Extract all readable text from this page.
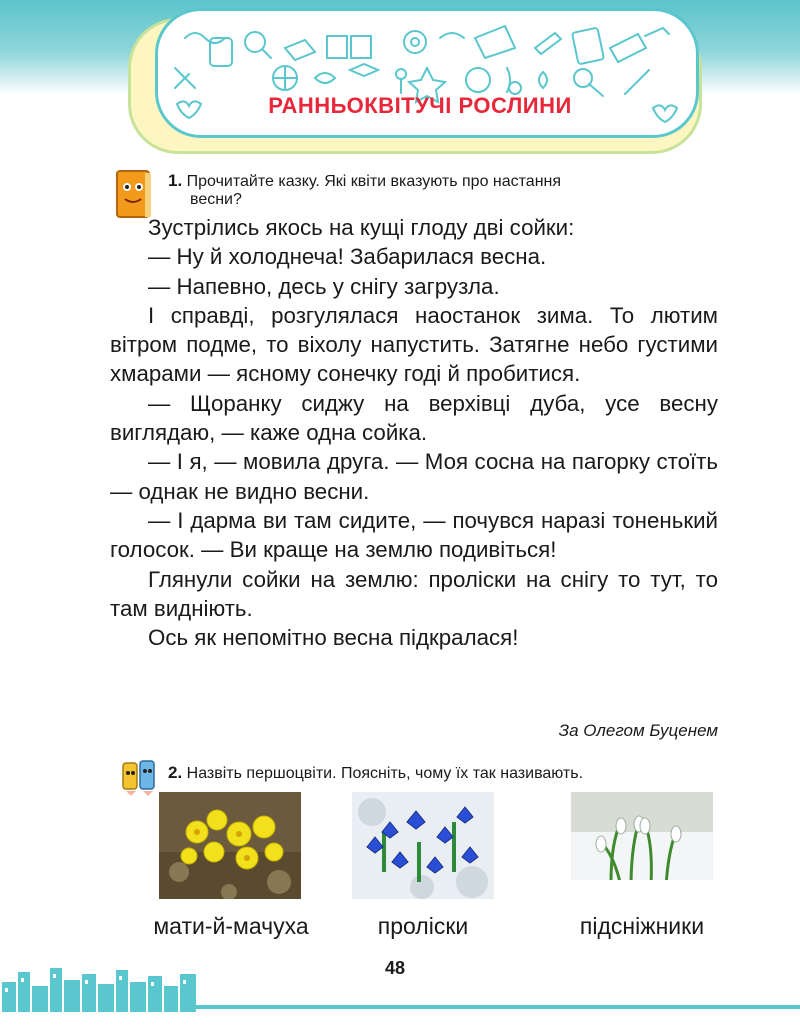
РАННЬОКВІТУЧІ РОСЛИНИ
1. Прочитайте казку. Які квіти вказують про настання
весни?

Зустрілись якось на кущі глоду дві сойки:

— Ну й холоднеча! Забарилася весна.

— Напевно, десь у снігу загрузла.

І справді, розгулялася наостанок зима. То лютим вітром подме, то віхолу напустить. Затягне небо густими хмарами — ясному сонечку годі й пробитися.

— Щоранку сиджу на верхівці дуба, усе весну виглядаю, — каже одна сойка.

— І я, — мовила друга. — Моя сосна на пагорку стоїть — однак не видно весни.

— І дарма ви там сидите, — почувся наразі тоненький голосок. — Ви краще на землю подивіться!

Глянули сойки на землю: проліски на снігу то тут, то там видніють.

Ось як непомітно весна підкралася!

За Олегом Буценем
2. Назвіть першоцвіти. Поясніть, чому їх так називають.
мати-й-мачуха	проліски	підсніжники
48
